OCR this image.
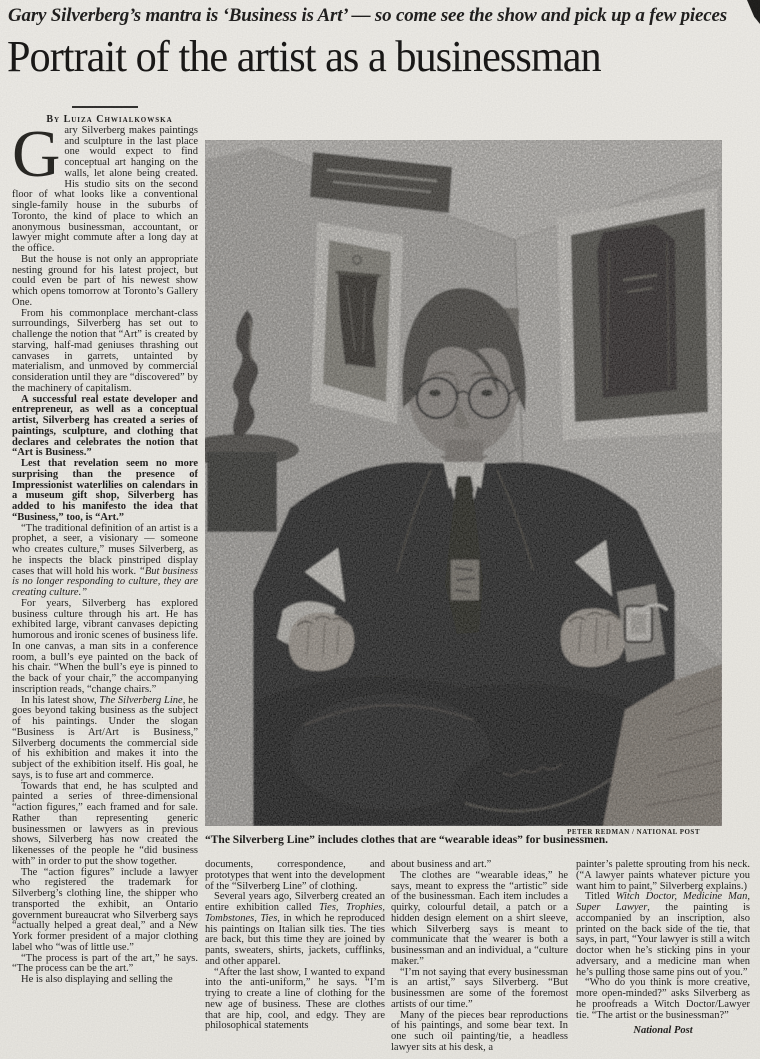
Gary Silverberg’s mantra is ‘Business is Art’ — so come see the show and pick up a few pieces

Portrait of the artist as a businessman

By Luiza Chwialkowska

Gary Silverberg makes paintings and sculpture in the last place one would expect to find conceptual art hanging on the walls, let alone being created. His studio sits on the second floor of what looks like a conventional single-family house in the suburbs of Toronto, the kind of place to which an anonymous businessman, accountant, or lawyer might commute after a long day at the office.

But the house is not only an appropriate nesting ground for his latest project, but could even be part of his newest show which opens tomorrow at Toronto’s Gallery One.

From his commonplace merchant-class surroundings, Silverberg has set out to challenge the notion that “Art” is created by starving, half-mad geniuses thrashing out canvases in garrets, untainted by materialism, and unmoved by commercial consideration until they are “discovered” by the machinery of capitalism.

A successful real estate developer and entrepreneur, as well as a conceptual artist, Silverberg has created a series of paintings, sculpture, and clothing that declares and celebrates the notion that “Art is Business.”

Lest that revelation seem no more surprising than the presence of Impressionist waterlilies on calendars in a museum gift shop, Silverberg has added to his manifesto the idea that “Business,” too, is “Art.”

“The traditional definition of an artist is a prophet, a seer, a visionary — someone who creates culture,” muses Silverberg, as he inspects the black pinstriped display cases that will hold his work. “But business is no longer responding to culture, they are creating culture.”

For years, Silverberg has explored business culture through his art. He has exhibited large, vibrant canvases depicting humorous and ironic scenes of business life. In one canvas, a man sits in a conference room, a bull’s eye painted on the back of his chair. “When the bull’s eye is pinned to the back of your chair,” the accompanying inscription reads, “change chairs.”

In his latest show, The Silverberg Line, he goes beyond taking business as the subject of his paintings. Under the slogan “Business is Art/Art is Business,” Silverberg documents the commercial side of his exhibition and makes it into the subject of the exhibition itself. His goal, he says, is to fuse art and commerce.

Towards that end, he has sculpted and painted a series of three-dimensional “action figures,” each framed and for sale. Rather than representing generic businessmen or lawyers as in previous shows, Silverberg has now created the likenesses of the people he “did business with” in order to put the show together.

The “action figures” include a lawyer who registered the trademark for Silverberg’s clothing line, the shipper who transported the exhibit, an Ontario government bureaucrat who Silverberg says “actually helped a great deal,” and a New York former president of a major clothing label who “was of little use.”

“The process is part of the art,” he says. “The process can be the art.”

He is also displaying and selling the

PETER REDMAN / NATIONAL POST

“The Silverberg Line” includes clothes that are “wearable ideas” for businessmen.

documents, correspondence, and prototypes that went into the development of the “Silverberg Line” of clothing.

Several years ago, Silverberg created an entire exhibition called Ties, Trophies, Tombstones, Ties, in which he reproduced his paintings on Italian silk ties. The ties are back, but this time they are joined by pants, sweaters, shirts, jackets, cufflinks, and other apparel.

“After the last show, I wanted to expand into the anti-uniform,” he says. “I’m trying to create a line of clothing for the new age of business. These are clothes that are hip, cool, and edgy. They are philosophical statements

about business and art.”

The clothes are “wearable ideas,” he says, meant to express the “artistic” side of the businessman. Each item includes a quirky, colourful detail, a patch or a hidden design element on a shirt sleeve, which Silverberg says is meant to communicate that the wearer is both a businessman and an individual, a “culture maker.”

“I’m not saying that every businessman is an artist,” says Silverberg. “But businessmen are some of the foremost artists of our time.”

Many of the pieces bear reproductions of his paintings, and some bear text. In one such oil painting/tie, a headless lawyer sits at his desk, a

painter’s palette sprouting from his neck. (“A lawyer paints whatever picture you want him to paint,” Silverberg explains.)

Titled Witch Doctor, Medicine Man, Super Lawyer, the painting is accompanied by an inscription, also printed on the back side of the tie, that says, in part, “Your lawyer is still a witch doctor when he’s sticking pins in your adversary, and a medicine man when he’s pulling those same pins out of you.”

“Who do you think is more creative, more open-minded?” asks Silverberg as he proofreads a Witch Doctor/Lawyer tie. “The artist or the businessman?”

National Post
